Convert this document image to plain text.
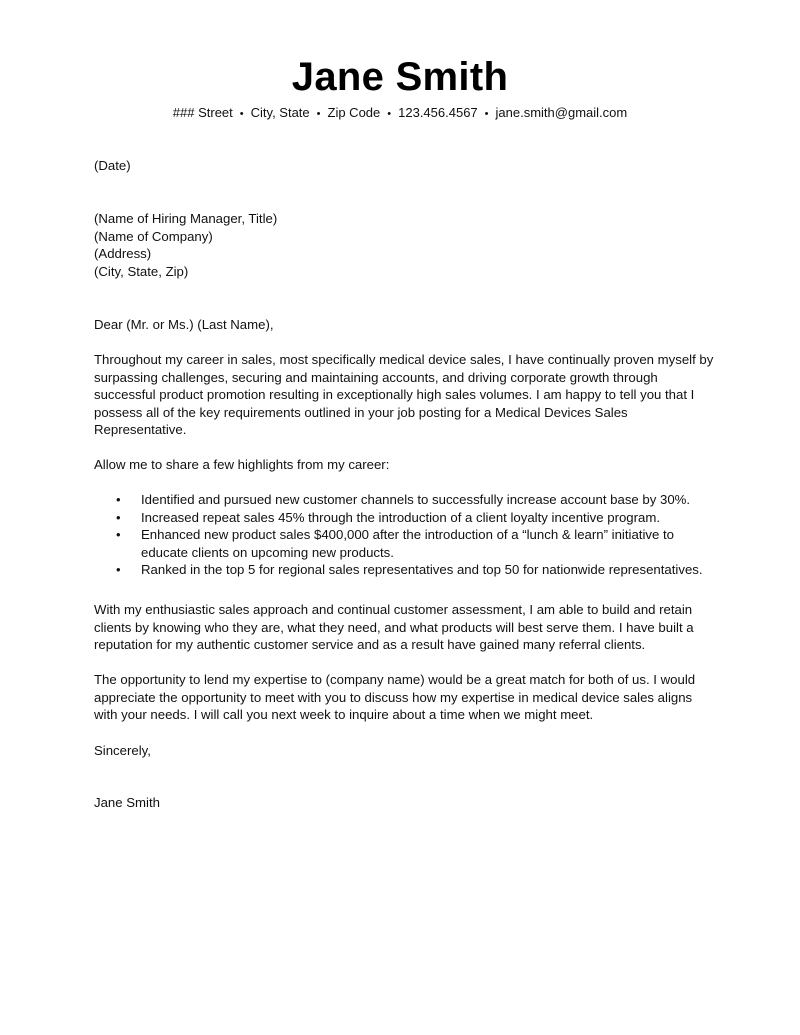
Jane Smith
### Street • City, State • Zip Code • 123.456.4567 • jane.smith@gmail.com
(Date)
(Name of Hiring Manager, Title)
(Name of Company)
(Address)
(City, State, Zip)
Dear (Mr. or Ms.) (Last Name),
Throughout my career in sales, most specifically medical device sales, I have continually proven myself by
surpassing challenges, securing and maintaining accounts, and driving corporate growth through
successful product promotion resulting in exceptionally high sales volumes. I am happy to tell you that I
possess all of the key requirements outlined in your job posting for a Medical Devices Sales
Representative.
Allow me to share a few highlights from my career:
• Identified and pursued new customer channels to successfully increase account base by 30%.
• Increased repeat sales 45% through the introduction of a client loyalty incentive program.
• Enhanced new product sales $400,000 after the introduction of a “lunch & learn” initiative to
educate clients on upcoming new products.
• Ranked in the top 5 for regional sales representatives and top 50 for nationwide representatives.
With my enthusiastic sales approach and continual customer assessment, I am able to build and retain
clients by knowing who they are, what they need, and what products will best serve them. I have built a
reputation for my authentic customer service and as a result have gained many referral clients.
The opportunity to lend my expertise to (company name) would be a great match for both of us. I would
appreciate the opportunity to meet with you to discuss how my expertise in medical device sales aligns
with your needs. I will call you next week to inquire about a time when we might meet.
Sincerely,
Jane Smith
